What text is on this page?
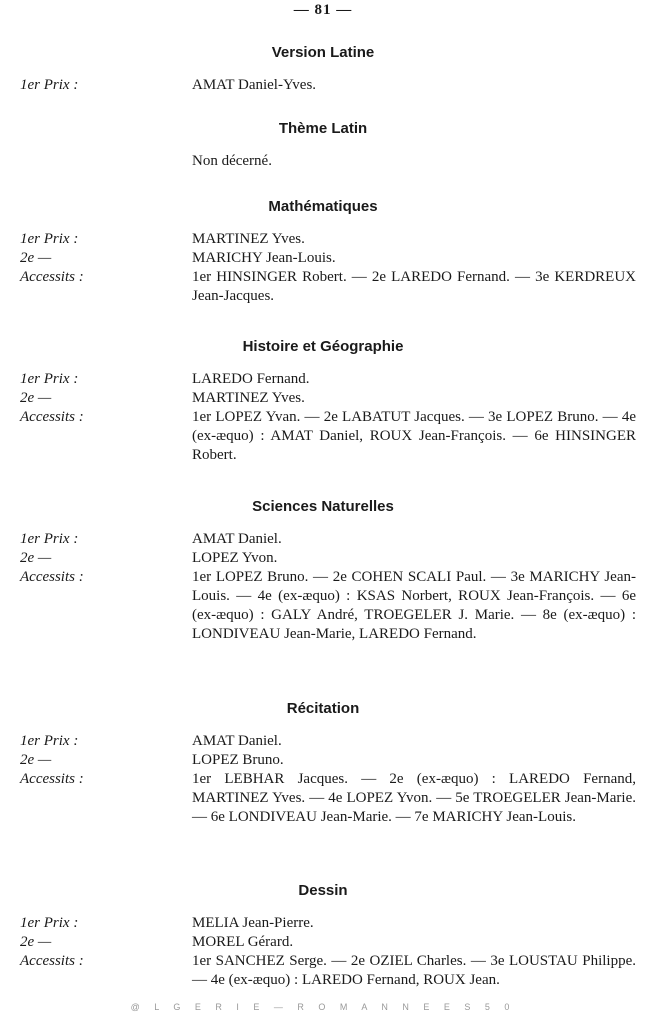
— 81 —
Version Latine
1er Prix :	AMAT Daniel-Yves.
Thème Latin
Non décerné.
Mathématiques
1er Prix :	MARTINEZ Yves.
2e —	MARICHY Jean-Louis.
Accessits :	1er HINSINGER Robert. — 2e LAREDO Fernand. — 3e KERDREUX Jean-Jacques.
Histoire et Géographie
1er Prix :	LAREDO Fernand.
2e —	MARTINEZ Yves.
Accessits :	1er LOPEZ Yvan. — 2e LABATUT Jacques. — 3e LOPEZ Bruno. — 4e (ex-æquo) : AMAT Daniel, ROUX Jean-François. — 6e HINSINGER Robert.
Sciences Naturelles
1er Prix :	AMAT Daniel.
2e —	LOPEZ Yvon.
Accessits :	1er LOPEZ Bruno. — 2e COHEN SCALI Paul. — 3e MARICHY Jean-Louis. — 4e (ex-æquo) : KSAS Norbert, ROUX Jean-François. — 6e (ex-æquo) : GALY André, TROEGELER J. Marie. — 8e (ex-æquo) : LONDIVEAU Jean-Marie, LAREDO Fernand.
Récitation
1er Prix :	AMAT Daniel.
2e —	LOPEZ Bruno.
Accessits :	1er LEBHAR Jacques. — 2e (ex-æquo) : LAREDO Fernand, MARTINEZ Yves. — 4e LOPEZ Yvon. — 5e TROEGELER Jean-Marie. — 6e LONDIVEAU Jean-Marie. — 7e MARICHY Jean-Louis.
Dessin
1er Prix :	MELIA Jean-Pierre.
2e —	MOREL Gérard.
Accessits :	1er SANCHEZ Serge. — 2e OZIEL Charles. — 3e LOUSTAU Philippe. — 4e (ex-æquo) : LAREDO Fernand, ROUX Jean.
@ L G E R I E — R O M A N N E E S 5 0
